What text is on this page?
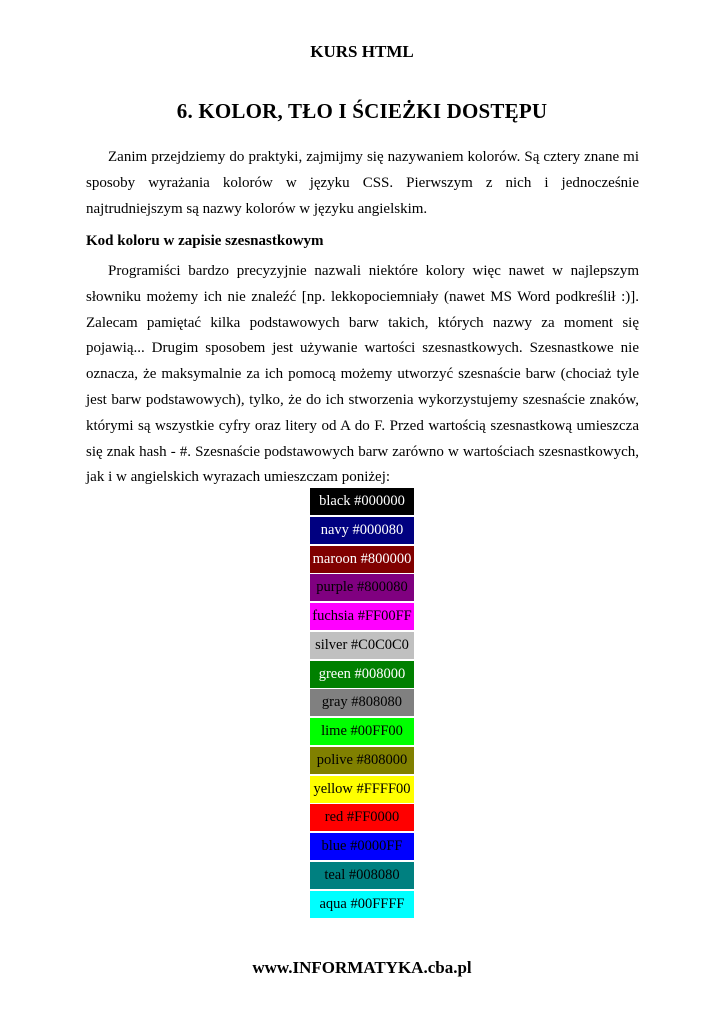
KURS HTML
6. KOLOR, TŁO I ŚCIEŻKI DOSTĘPU

Zanim przejdziemy do praktyki, zajmijmy się nazywaniem kolorów. Są cztery znane mi sposoby wyrażania kolorów w języku CSS. Pierwszym z nich i jednocześnie najtrudniejszym są nazwy kolorów w języku angielskim.

Kod koloru w zapisie szesnastkowym

Programiści bardzo precyzyjnie nazwali niektóre kolory więc nawet w najlepszym słowniku możemy ich nie znaleźć [np. lekkopociemniały (nawet MS Word podkreślił :)]. Zalecam pamiętać kilka podstawowych barw takich, których nazwy za moment się pojawią... Drugim sposobem jest używanie wartości szesnastkowych. Szesnastkowe nie oznacza, że maksymalnie za ich pomocą możemy utworzyć szesnaście barw (chociaż tyle jest barw podstawowych), tylko, że do ich stworzenia wykorzystujemy szesnaście znaków, którymi są wszystkie cyfry oraz litery od A do F. Przed wartością szesnastkową umieszcza się znak hash - #. Szesnaście podstawowych barw zarówno w wartościach szesnastkowych, jak i w angielskich wyrazach umieszczam poniżej:

black #000000
navy #000080
maroon #800000
purple #800080
fuchsia #FF00FF
silver #C0C0C0
green #008000
gray #808080
lime #00FF00
polive #808000
yellow #FFFF00
red #FF0000
blue #0000FF
teal #008080
aqua #00FFFF
www.INFORMATYKA.cba.pl
